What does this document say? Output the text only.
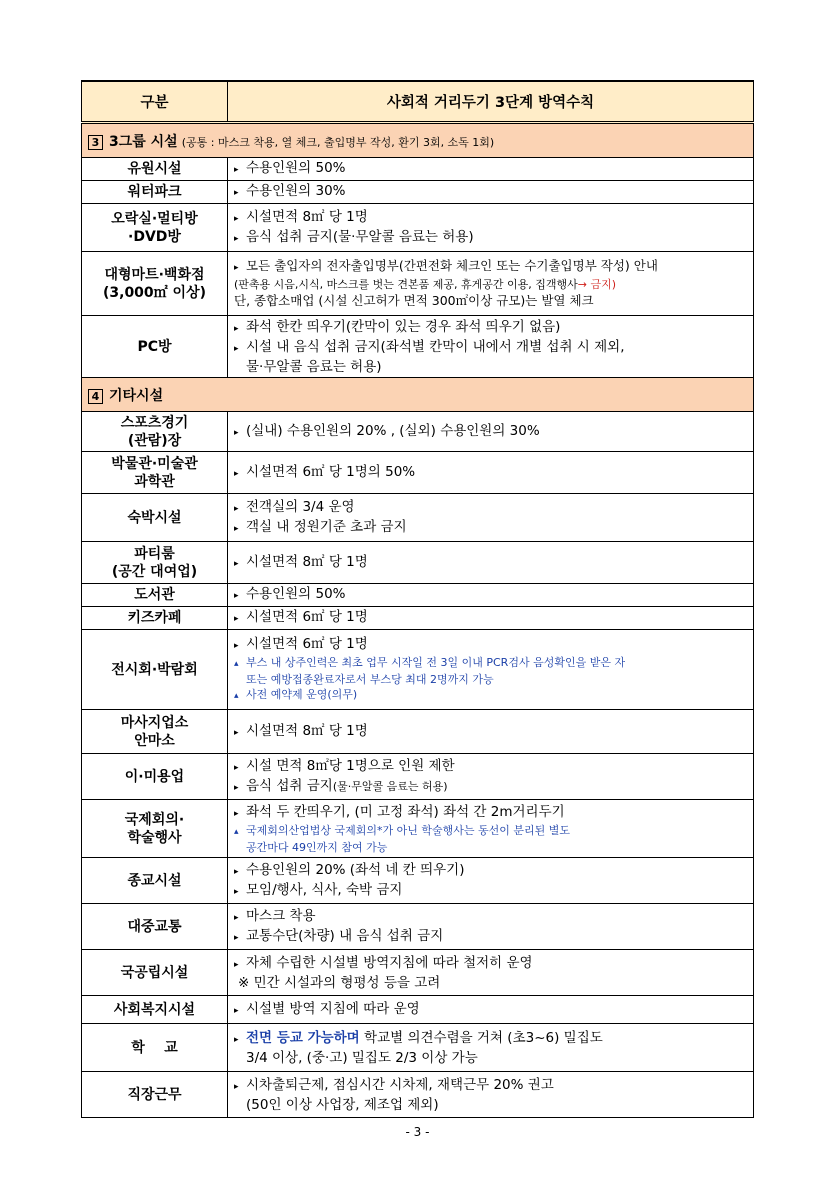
구분	사회적 거리두기 3단계 방역수칙
3 3그룹 시설 (공통 : 마스크 착용, 열 체크, 출입명부 작성, 환기 3회, 소독 1회)	
유원시설	▸ 수용인원의 50%

워터파크	▸ 수용인원의 30%

오락실·멀티방
·DVD방	▸ 시설면적 8㎡ 당 1명
▸ 음식 섭취 금지(물·무알콜 음료는 허용)

대형마트·백화점
(3,000㎡ 이상)	▸ 모든 출입자의 전자출입명부(간편전화 체크인 또는 수기출입명부 작성) 안내
(판촉용 시음,시식, 마스크를 벗는 견본품 제공, 휴게공간 이용, 집객행사→ 금지)
단, 종합소매업 (시설 신고허가 면적 300㎡이상 규모)는 발열 체크

PC방	▸ 좌석 한칸 띄우기(칸막이 있는 경우 좌석 띄우기 없음)
▸ 시설 내 음식 섭취 금지(좌석별 칸막이 내에서 개별 섭취 시 제외,
물·무알콜 음료는 허용)

4 기타시설	

스포츠경기
(관람)장	▸ (실내) 수용인원의 20% , (실외) 수용인원의 30%

박물관·미술관
과학관	▸ 시설면적 6㎡ 당 1명의 50%

숙박시설	▸ 전객실의 3/4 운영
▸ 객실 내 정원기준 초과 금지

파티룸
(공간 대여업)	▸ 시설면적 8㎡ 당 1명

도서관	▸ 수용인원의 50%

키즈카페	▸ 시설면적 6㎡ 당 1명

전시회·박람회	▸ 시설면적 6㎡ 당 1명
▴ 부스 내 상주인력은 최초 업무 시작일 전 3일 이내 PCR검사 음성확인을 받은 자
또는 예방접종완료자로서 부스당 최대 2명까지 가능
▴ 사전 예약제 운영(의무)

마사지업소
안마소	▸ 시설면적 8㎡ 당 1명

이·미용업	▸ 시설 면적 8㎡당 1명으로 인원 제한
▸ 음식 섭취 금지(물·무알콜 음료는 허용)

국제회의·
학술행사	▸ 좌석 두 칸띄우기, (미 고정 좌석) 좌석 간 2m거리두기
▴ 국제회의산업법상 국제회의*가 아닌 학술행사는 동선이 분리된 별도
공간마다 49인까지 참여 가능

종교시설	▸ 수용인원의 20% (좌석 네 칸 띄우기)
▸ 모임/행사, 식사, 숙박 금지

대중교통	▸ 마스크 착용
▸ 교통수단(차량) 내 음식 섭취 금지

국공립시설	▸ 자체 수립한 시설별 방역지침에 따라 철저히 운영
※ 민간 시설과의 형평성 등을 고려

사회복지시설	▸ 시설별 방역 지침에 따라 운영

학    교	▸ 전면 등교 가능하며 학교별 의견수렴을 거쳐 (초3~6) 밀집도
3/4 이상, (중·고) 밀집도 2/3 이상 가능

직장근무	▸ 시차출퇴근제, 점심시간 시차제, 재택근무 20% 권고
(50인 이상 사업장, 제조업 제외)
- 3 -
